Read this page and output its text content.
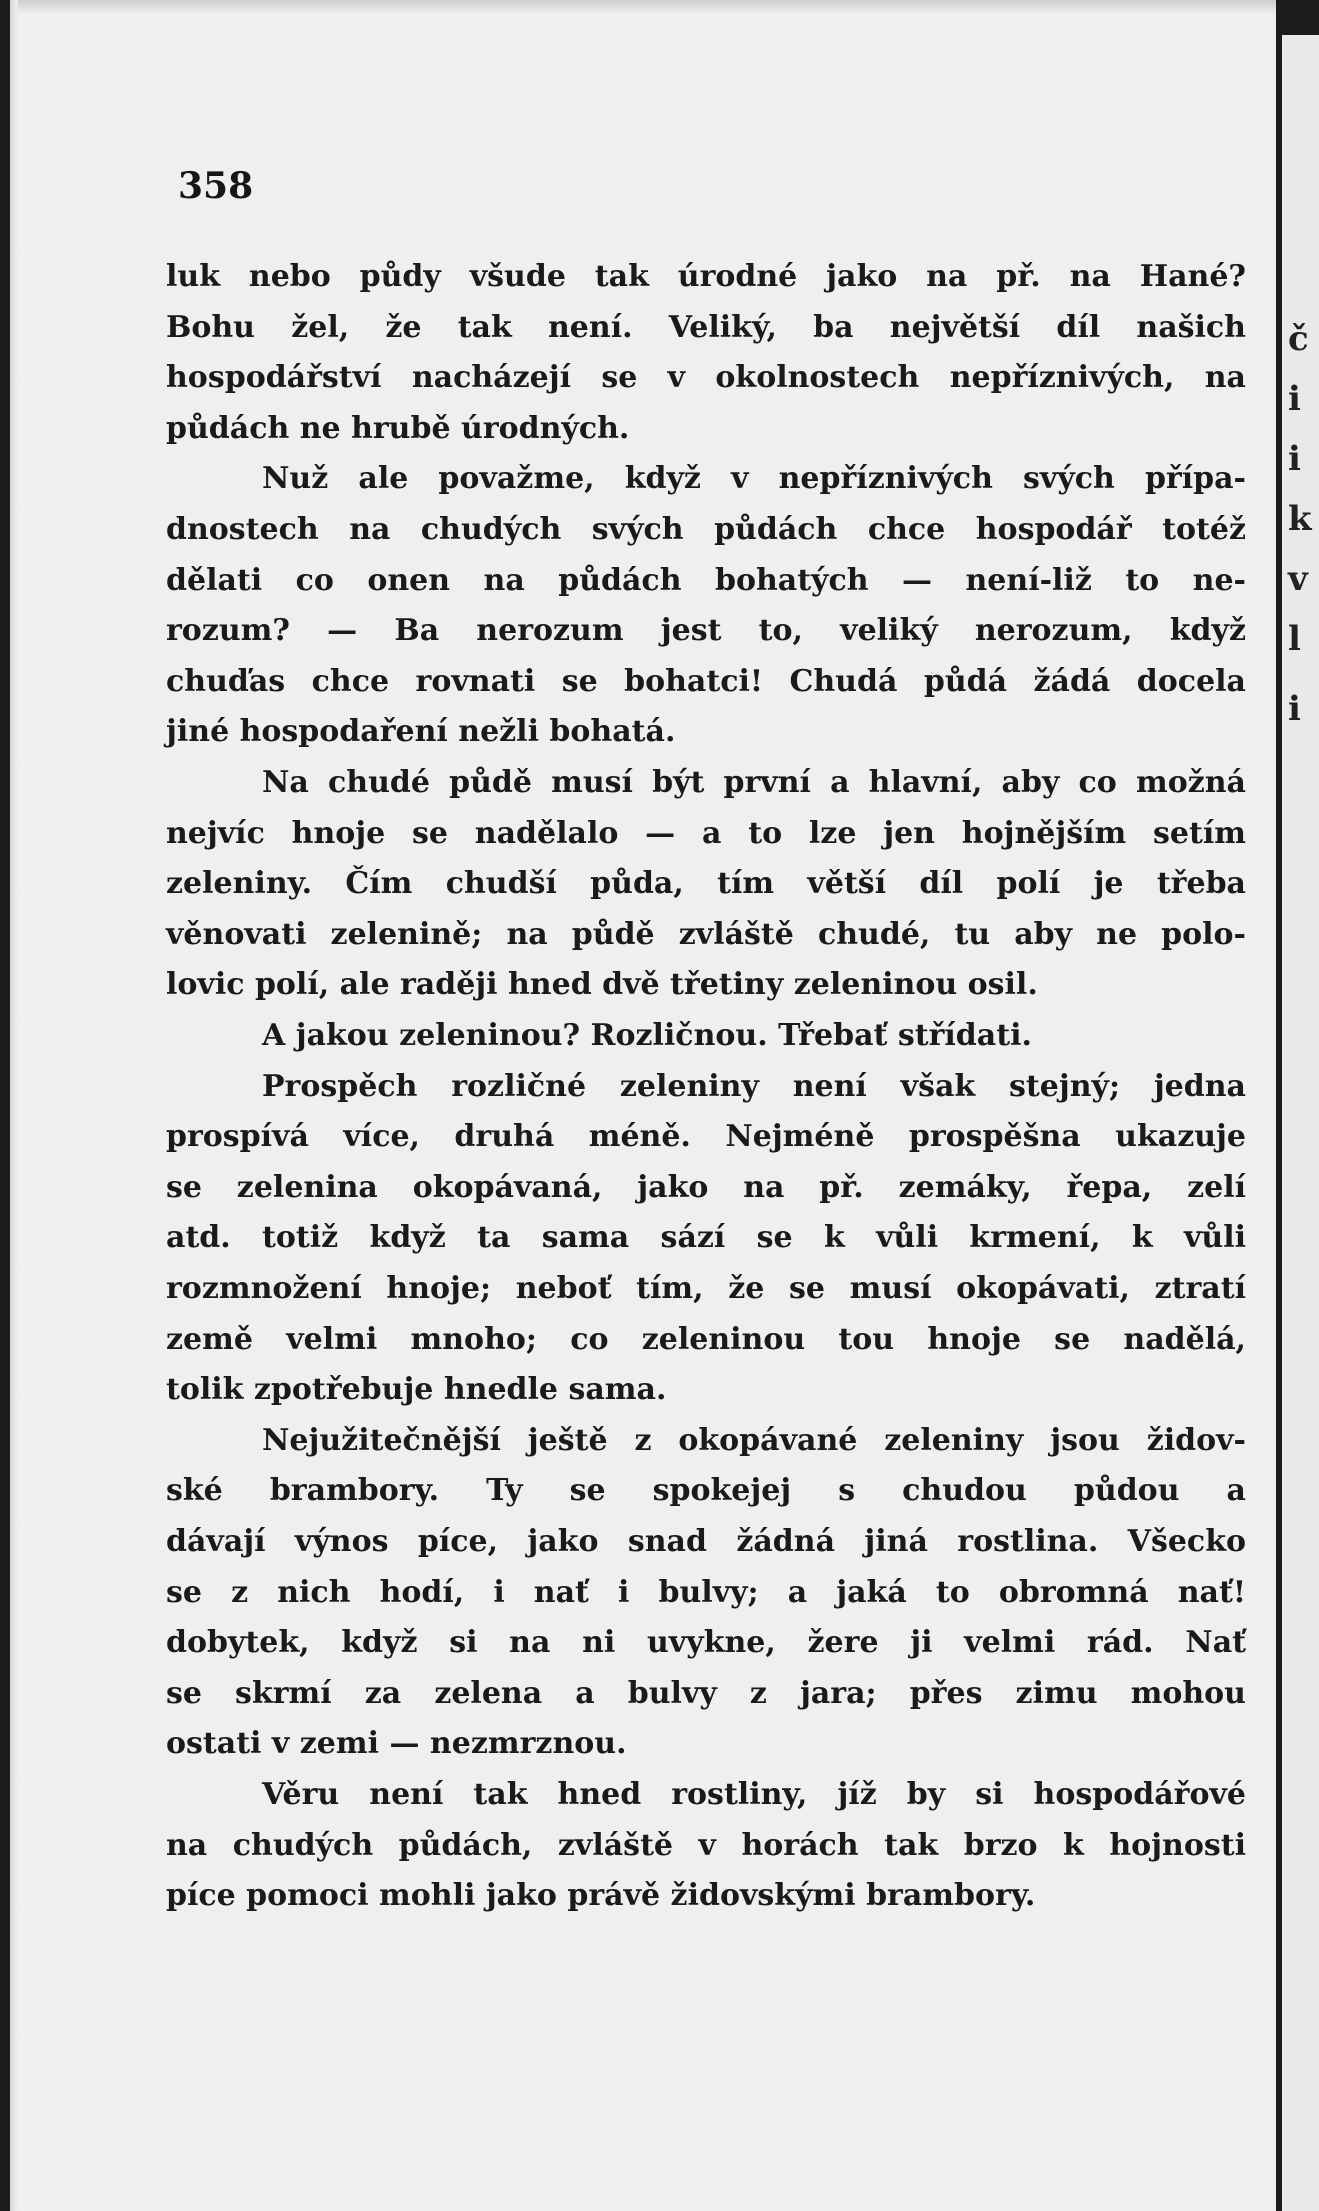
358
luk nebo půdy všude tak úrodné jako na př. na Hané?
Bohu žel, že tak není. Veliký, ba největší díl našich
hospodářství nacházejí se v okolnostech nepříznivých, na
půdách ne hrubě úrodných.
Nuž ale považme, když v nepříznivých svých přípa-
dnostech na chudých svých půdách chce hospodář totéž
dělati co onen na půdách bohatých — není-liž to ne-
rozum? — Ba nerozum jest to, veliký nerozum, když
chuďas chce rovnati se bohatci! Chudá půdá žádá docela
jiné hospodaření nežli bohatá.
Na chudé půdě musí být první a hlavní, aby co možná
nejvíc hnoje se nadělalo — a to lze jen hojnějším setím
zeleniny. Čím chudší půda, tím větší díl polí je třeba
věnovati zelenině; na půdě zvláště chudé, tu aby ne polo-
lovic polí, ale raději hned dvě třetiny zeleninou osil.
A jakou zeleninou? Rozličnou. Třebať střídati.
Prospěch rozličné zeleniny není však stejný; jedna
prospívá více, druhá méně. Nejméně prospěšna ukazuje
se zelenina okopávaná, jako na př. zemáky, řepa, zelí
atd. totiž když ta sama sází se k vůli krmení, k vůli
rozmnožení hnoje; neboť tím, že se musí okopávati, ztratí
země velmi mnoho; co zeleninou tou hnoje se nadělá,
tolik zpotřebuje hnedle sama.
Nejužitečnější ještě z okopávané zeleniny jsou židov-
ské brambory. Ty se spokejej s chudou půdou a
dávají výnos píce, jako snad žádná jiná rostlina. Všecko
se z nich hodí, i nať i bulvy; a jaká to obromná nať!
dobytek, když si na ni uvykne, žere ji velmi rád. Nať
se skrmí za zelena a bulvy z jara; přes zimu mohou
ostati v zemi — nezmrznou.
Věru není tak hned rostliny, jíž by si hospodářové
na chudých půdách, zvláště v horách tak brzo k hojnosti
píce pomoci mohli jako právě židovskými brambory.
č
i
i
k
v
l
i
